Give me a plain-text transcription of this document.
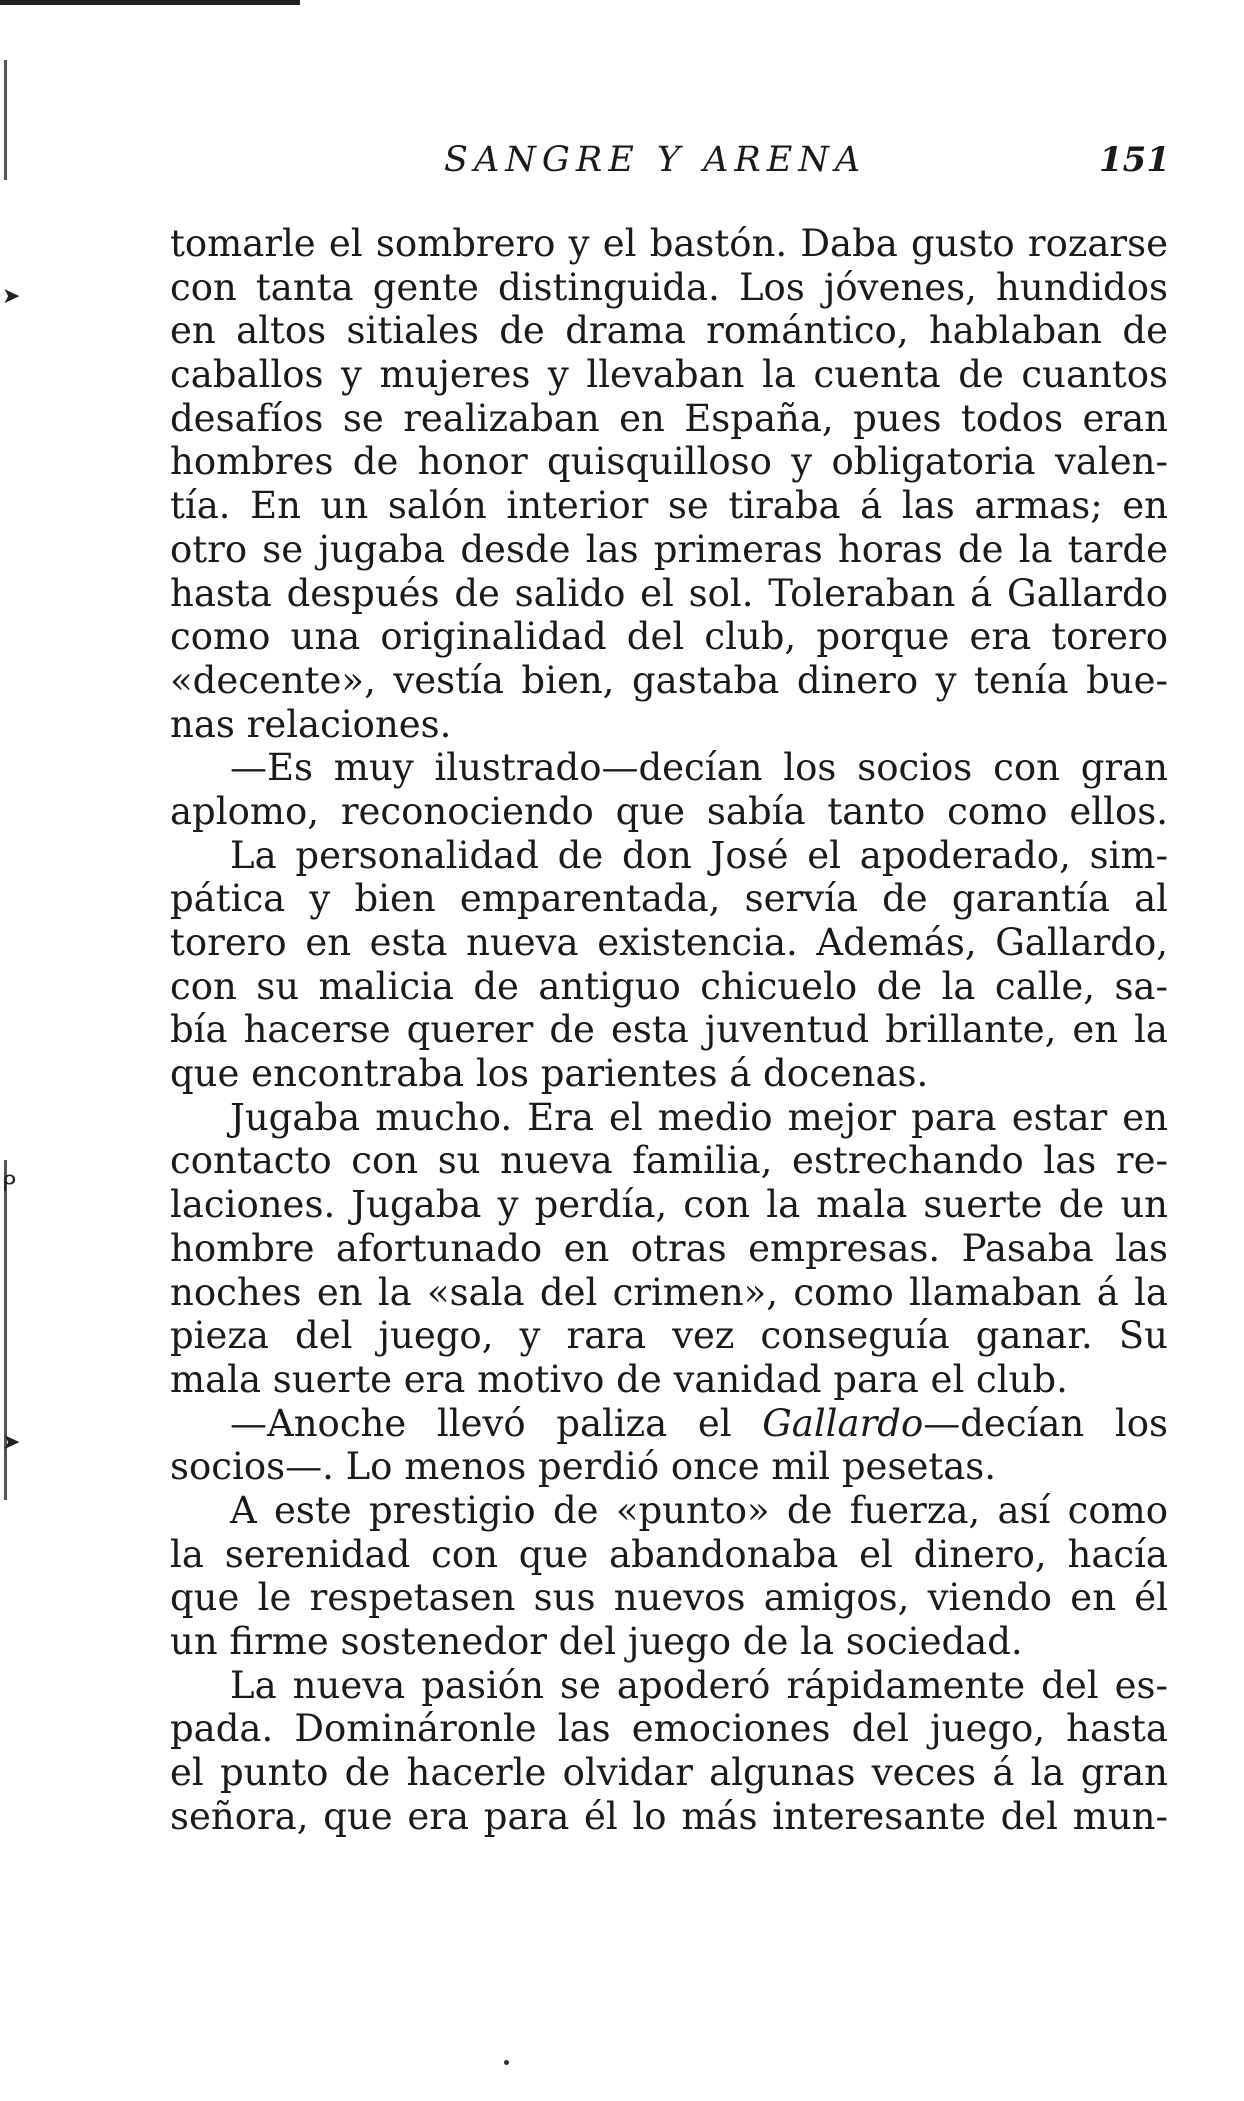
➤
ᑭ
➤
SANGRE Y ARENA	151
tomarle el sombrero y el bastón. Daba gusto rozarse
con tanta gente distinguida. Los jóvenes, hundidos
en altos sitiales de drama romántico, hablaban de
caballos y mujeres y llevaban la cuenta de cuantos
desafíos se realizaban en España, pues todos eran
hombres de honor quisquilloso y obligatoria valen-
tía. En un salón interior se tiraba á las armas; en
otro se jugaba desde las primeras horas de la tarde
hasta después de salido el sol. Toleraban á Gallardo
como una originalidad del club, porque era torero
«decente», vestía bien, gastaba dinero y tenía bue-
nas relaciones.
—Es muy ilustrado—decían los socios con gran
aplomo, reconociendo que sabía tanto como ellos.
La personalidad de don José el apoderado, sim-
pática y bien emparentada, servía de garantía al
torero en esta nueva existencia. Además, Gallardo,
con su malicia de antiguo chicuelo de la calle, sa-
bía hacerse querer de esta juventud brillante, en la
que encontraba los parientes á docenas.
Jugaba mucho. Era el medio mejor para estar en
contacto con su nueva familia, estrechando las re-
laciones. Jugaba y perdía, con la mala suerte de un
hombre afortunado en otras empresas. Pasaba las
noches en la «sala del crimen», como llamaban á la
pieza del juego, y rara vez conseguía ganar. Su
mala suerte era motivo de vanidad para el club.
—Anoche llevó paliza el Gallardo—decían los
socios—. Lo menos perdió once mil pesetas.
A este prestigio de «punto» de fuerza, así como
la serenidad con que abandonaba el dinero, hacía
que le respetasen sus nuevos amigos, viendo en él
un firme sostenedor del juego de la sociedad.
La nueva pasión se apoderó rápidamente del es-
pada. Domináronle las emociones del juego, hasta
el punto de hacerle olvidar algunas veces á la gran
señora, que era para él lo más interesante del mun-
